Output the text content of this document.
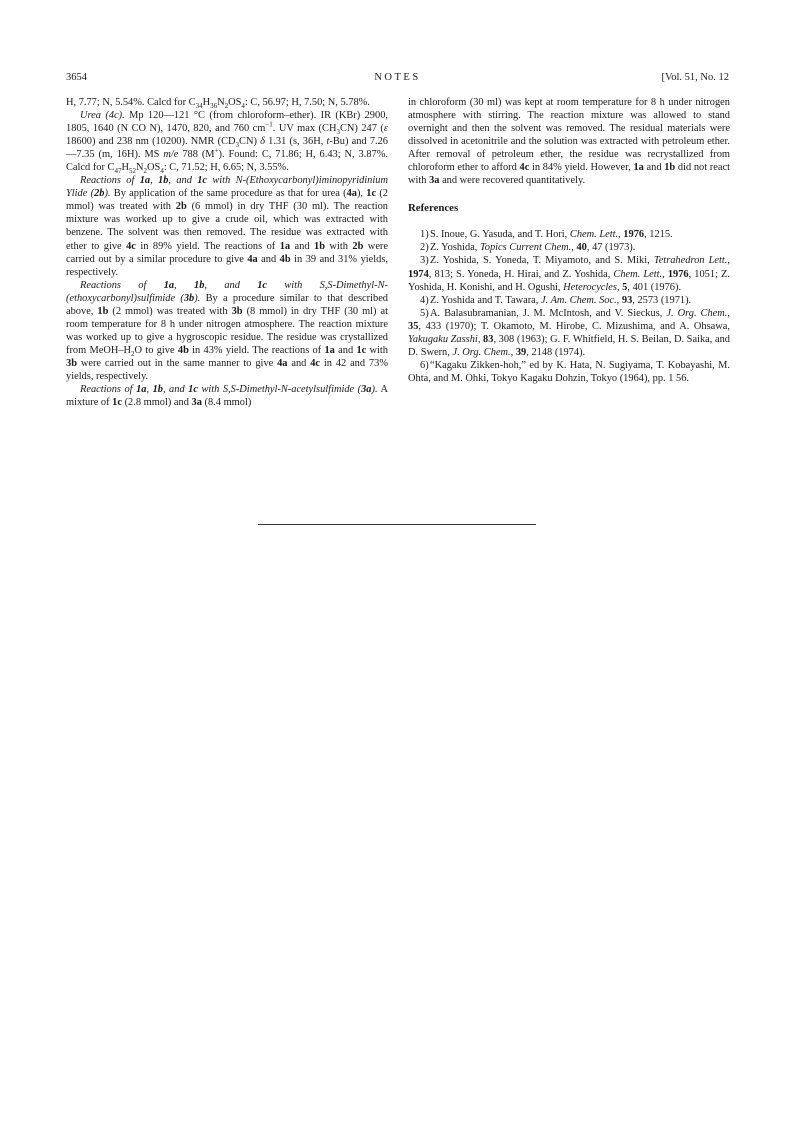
3654	NOTES	[Vol. 51, No. 12

H, 7.77; N, 5.54%. Calcd for $C_{34}H_{36}N_2OS_4$: C, 56.97; H, 7.50; N, 5.78%.

Urea (4c). Mp 120—121 °C (from chloroform–ether). IR (KBr) 2900, 1805, 1640 (N CO N), 1470, 820, and 760 $cm^{-1}$. UV $\max (CH_3CN)$ 247 (ε 18600) and 238 nm (10200). NMR $(CD_3CN)$ δ 1.31 (s, 36H, t-Bu) and 7.26—7.35 (m, 16H). MS m/e 788 (M+). Found: C, 71.86; H, 6.43; N, 3.87%. Calcd for $C_{47}H_{52}N_2OS_4$: C, 71.52; H, 6.65; N, 3.55%.

Reactions of 1a, 1b, and 1c with N-(Ethoxycarbonyl)iminopyridinium Ylide (2b). By application of the same procedure as that for urea (4a), 1c (2 mmol) was treated with 2b (6 mmol) in dry THF (30 ml). The reaction mixture was worked up to give a crude oil, which was extracted with benzene. The solvent was then removed. The residue was extracted with ether to give 4c in 89% yield. The reactions of 1a and 1b with 2b were carried out by a similar procedure to give 4a and 4b in 39 and 31% yields, respectively.

Reactions of 1a, 1b, and 1c with S,S-Dimethyl-N-(ethoxycarbonyl)sulfimide (3b). By a procedure similar to that described above, 1b (2 mmol) was treated with 3b (8 mmol) in dry THF (30 ml) at room temperature for 8 h under nitrogen atmosphere. The reaction mixture was worked up to give a hygroscopic residue. The residue was crystallized from MeOH–$H_2O$ to give 4b in 43% yield. The reactions of 1a and 1c with 3b were carried out in the same manner to give 4a and 4c in 42 and 73% yields, respectively.

Reactions of 1a, 1b, and 1c with S,S-Dimethyl-N-acetylsulfimide (3a). A mixture of 1c (2.8 mmol) and 3a (8.4 mmol)

in chloroform (30 ml) was kept at room temperature for 8 h under nitrogen atmosphere with stirring. The reaction mixture was allowed to stand overnight and then the solvent was removed. The residual materials were dissolved in acetonitrile and the solution was extracted with petroleum ether. After removal of petroleum ether, the residue was recrystallized from chloroform ether to afford 4c in 84% yield. However, 1a and 1b did not react with 3a and were recovered quantitatively.

References

1)S. Inoue, G. Yasuda, and T. Hori, Chem. Lett., 1976, 1215.

2)Z. Yoshida, Topics Current Chem., 40, 47 (1973).

3)Z. Yoshida, S. Yoneda, T. Miyamoto, and S. Miki, Tetrahedron Lett., 1974, 813; S. Yoneda, H. Hirai, and Z. Yoshida, Chem. Lett., 1976, 1051; Z. Yoshida, H. Konishi, and H. Ogushi, Heterocycles, 5, 401 (1976).

4)Z. Yoshida and T. Tawara, J. Am. Chem. Soc., 93, 2573 (1971).

5)A. Balasubramanian, J. M. McIntosh, and V. Sieckus, J. Org. Chem., 35, 433 (1970); T. Okamoto, M. Hirobe, C. Mizushima, and A. Ohsawa, Yakugaku Zasshi, 83, 308 (1963); G. F. Whitfield, H. S. Beilan, D. Saika, and D. Swern, J. Org. Chem., 39, 2148 (1974).

6)“Kagaku Zikken-hoh,” ed by K. Hata, N. Sugiyama, T. Kobayashi, M. Ohta, and M. Ohki, Tokyo Kagaku Dohzin, Tokyo (1964), pp. 1 56.
